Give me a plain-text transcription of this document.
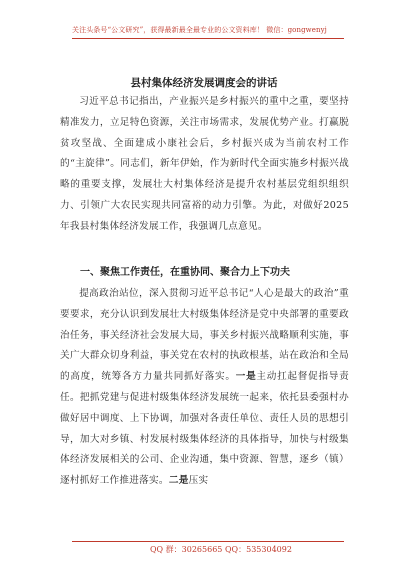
关注头条号“公文研究”，获得最新最全最专业的公文资料库！ 微信：gongwenyj
县村集体经济发展调度会的讲话
习近平总书记指出，产业振兴是乡村振兴的重中之重，要坚持精准发力，立足特色资源，关注市场需求，发展优势产业。打赢脱贫攻坚战、全面建成小康社会后，乡村振兴成为当前农村工作的“主旋律”。同志们，新年伊始，作为新时代全面实施乡村振兴战略的重要支撑，发展壮大村集体经济是提升农村基层党组织组织力、引领广大农民实现共同富裕的动力引擎。为此，对做好2025年我县村集体经济发展工作，我强调几点意见。
一、聚焦工作责任，在重协同、聚合力上下功夫
提高政治站位，深入贯彻习近平总书记“人心是最大的政治”重要要求，充分认识到发展壮大村级集体经济是党中央部署的重要政治任务，事关经济社会发展大局，事关乡村振兴战略顺利实施，事关广大群众切身利益，事关党在农村的执政根基，站在政治和全局的高度，统筹各方力量共同抓好落实。一是主动扛起督促指导责任。把抓党建与促进村级集体经济发展统一起来，依托县委强村办做好居中调度、上下协调，加强对各责任单位、责任人员的思想引导，加大对乡镇、村发展村级集体经济的具体指导，加快与村级集体经济发展相关的公司、企业沟通，集中资源、智慧，逐乡（镇）逐村抓好工作推进落实。二是压实
QQ 群：30265665 QQ：535304092
